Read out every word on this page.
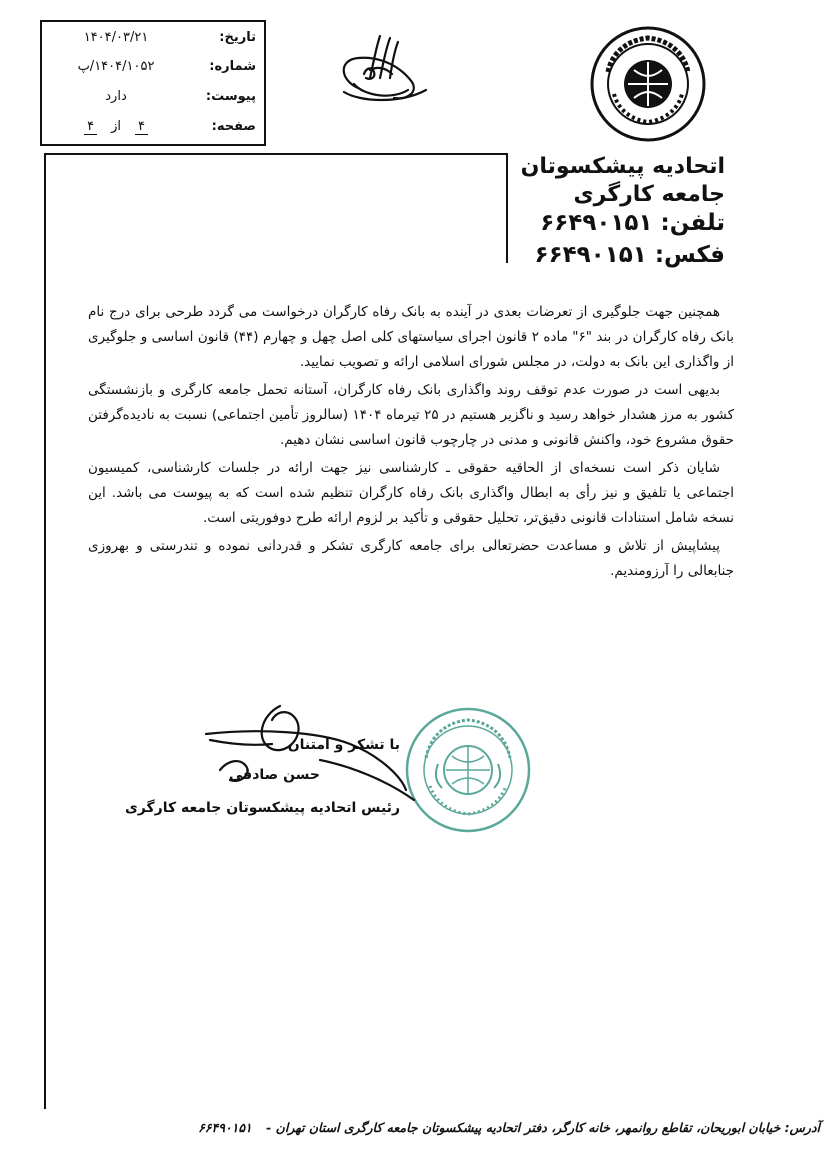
تاریخ:
۱۴۰۴/۰۳/۲۱
شماره:
۱۴۰۴/۱۰۵۲/پ
پیوست:
دارد
صفحه:
۴
از
۴
اتحادیه پیشکسوتان
جامعه کارگری
تلفن: ۶۶۴۹۰۱۵۱
فکس: ۶۶۴۹۰۱۵۱

همچنین جهت جلوگیری از تعرضات بعدی در آینده به بانک رفاه کارگران درخواست می گردد طرحی برای درج نام بانک رفاه کارگران در بند "۶" ماده ۲ قانون اجرای سیاستهای کلی اصل چهل و چهارم (۴۴) قانون اساسی و جلوگیری از واگذاری این بانک به دولت، در مجلس شورای اسلامی ارائه و تصویب نمایید.

بدیهی است در صورت عدم توقف روند واگذاری بانک رفاه کارگران، آستانه تحمل جامعه کارگری و بازنشستگی کشور به مرز هشدار خواهد رسید و ناگزیر هستیم در ۲۵ تیرماه ۱۴۰۴ (سالروز تأمین اجتماعی) نسبت به نادیده‌گرفتن حقوق مشروع خود، واکنش قانونی و مدنی در چارچوب قانون اساسی نشان دهیم.

شایان ذکر است نسخه‌ای از الحاقیه حقوقی ـ کارشناسی نیز جهت ارائه در جلسات کارشناسی، کمیسیون اجتماعی یا تلفیق و نیز رأی به ابطال واگذاری بانک رفاه کارگران تنظیم شده است که به پیوست می باشد. این نسخه شامل استنادات قانونی دقیق‌تر، تحلیل حقوقی و تأکید بر لزوم ارائه طرح دوفوریتی است.

پیشاپیش از تلاش و مساعدت حضرتعالی برای جامعه کارگری تشکر و قدردانی نموده و تندرستی و بهروزی جنابعالی را آرزومندیم.

با تشکر و امتنان
حسن صادقی
رئیس اتحادیه پیشکسوتان جامعه کارگری
آدرس: خیابان ابوریحان، تقاطع روانمهر، خانه کارگر، دفتر اتحادیه پیشکسوتان جامعه کارگری استان تهران - ۶۶۴۹۰۱۵۱
